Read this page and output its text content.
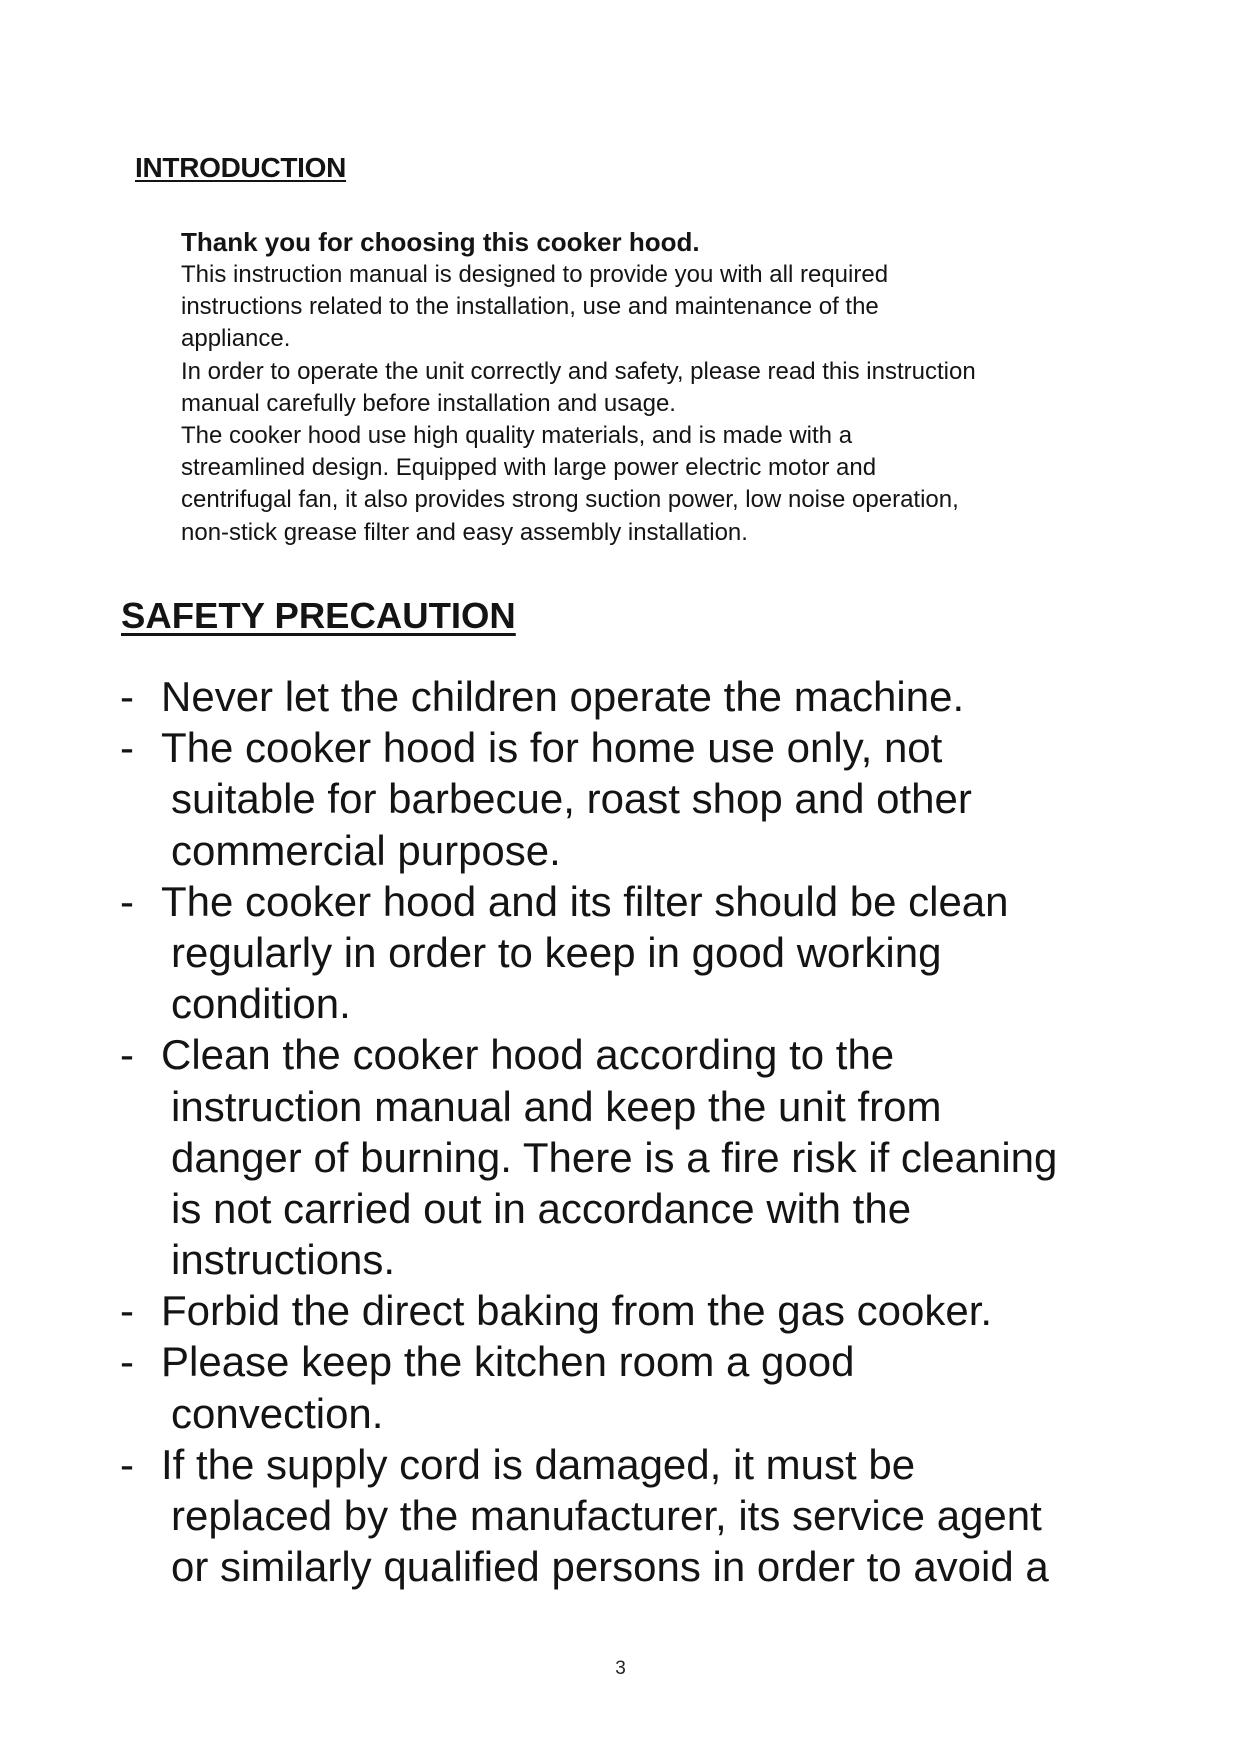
INTRODUCTION
Thank you for choosing this cooker hood.
This instruction manual is designed to provide you with all required
instructions related to the installation, use and maintenance of the
appliance.
In order to operate the unit correctly and safety, please read this instruction
manual carefully before installation and usage.
The cooker hood use high quality materials, and is made with a
streamlined design. Equipped with large power electric motor and
centrifugal fan, it also provides strong suction power, low noise operation,
non-stick grease filter and easy assembly installation.
SAFETY PRECAUTION
- Never let the children operate the machine.
- The cooker hood is for home use only, not
suitable for barbecue, roast shop and other
commercial purpose.
- The cooker hood and its filter should be clean
regularly in order to keep in good working
condition.
- Clean the cooker hood according to the
instruction manual and keep the unit from
danger of burning. There is a fire risk if cleaning
is not carried out in accordance with the
instructions.
- Forbid the direct baking from the gas cooker.
- Please keep the kitchen room a good
convection.
- If the supply cord is damaged, it must be
replaced by the manufacturer, its service agent
or similarly qualified persons in order to avoid a
3
